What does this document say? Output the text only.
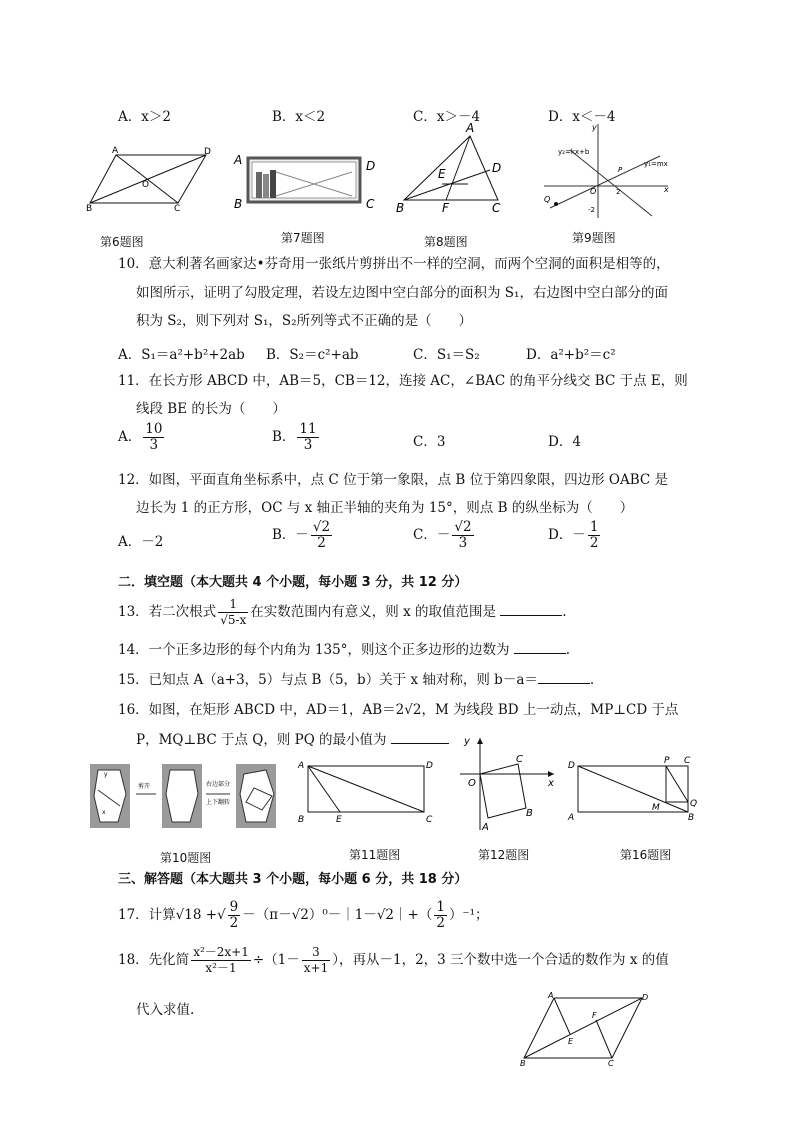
A．x＞2	B．x＜2	C．x＞－4	D．x＜－4
A	D
B	C
O
第6题图
A
B
D
C
第7题图
A
B	C
D
E
F
第8题图
x
y
y₂=kx+b
y₁=mx
P
O	2
-2
Q
第9题图
10．意大利著名画家达•芬奇用一张纸片剪拼出不一样的空洞，而两个空洞的面积是相等的，
如图所示，证明了勾股定理，若设左边图中空白部分的面积为 S₁，右边图中空白部分的面
积为 S₂，则下列对 S₁，S₂所列等式不正确的是（　　）
A．S₁＝a²+b²+2ab B．S₂＝c²+ab	C．S₁＝S₂	D．a²+b²＝c²
11．在长方形 ABCD 中，AB＝5，CB＝12，连接 AC，∠BAC 的角平分线交 BC 于点 E，则
线段 BE 的长为（　　）
A． $\frac{10}{3}$	B． $\frac{11}{3}$	C．3	D．4
12．如图，平面直角坐标系中，点 C 位于第一象限，点 B 位于第四象限，四边形 OABC 是
边长为 1 的正方形，OC 与 x 轴正半轴的夹角为 15°，则点 B 的纵坐标为（　　）
A．－2	B．－ $\frac{√2}{2}$	C．－ $\frac{√2}{3}$	D．－ $\frac{1}{2}$
二．填空题（本大题共 4 个小题，每小题 3 分，共 12 分）
13．若二次根式 $\frac{1}{√5-x}$ 在实数范围内有意义，则 x 的取值范围是	.
14．一个正多边形的每个内角为 135°，则这个正多边形的边数为	.
15．已知点 A（a+3，5）与点 B（5，b）关于 x 轴对称，则 b－a＝	.
16．如图，在矩形 ABCD 中，AD＝1，AB＝2√2，M 为线段 BD 上一动点，MP⊥CD 于点
P，MQ⊥BC 于点 Q，则 PQ 的最小值为
y
x
剪开	右边部分
上下翻转
第10题图
A	D
B	C
E
第11题图
x
y
O
C
B
A
第12题图
D	P C
A
M	Q
B
第16题图
三、解答题（本大题共 3 个小题，每小题 6 分，共 18 分）
17．计算√18 +√ $\frac{9}{2}$ －（π－√2）⁰－｜1－√2｜+（ $\frac{1}{2} )^{-1}$；
18．先化简 $\frac{\text{x²－2x+1}}{\text{x²－1}} \div(1- \frac{3}{x+1}$ ），再从－1，2，3 三个数中选一个合适的数作为 x 的值
代入求值.
A	D
B	C
E
F
